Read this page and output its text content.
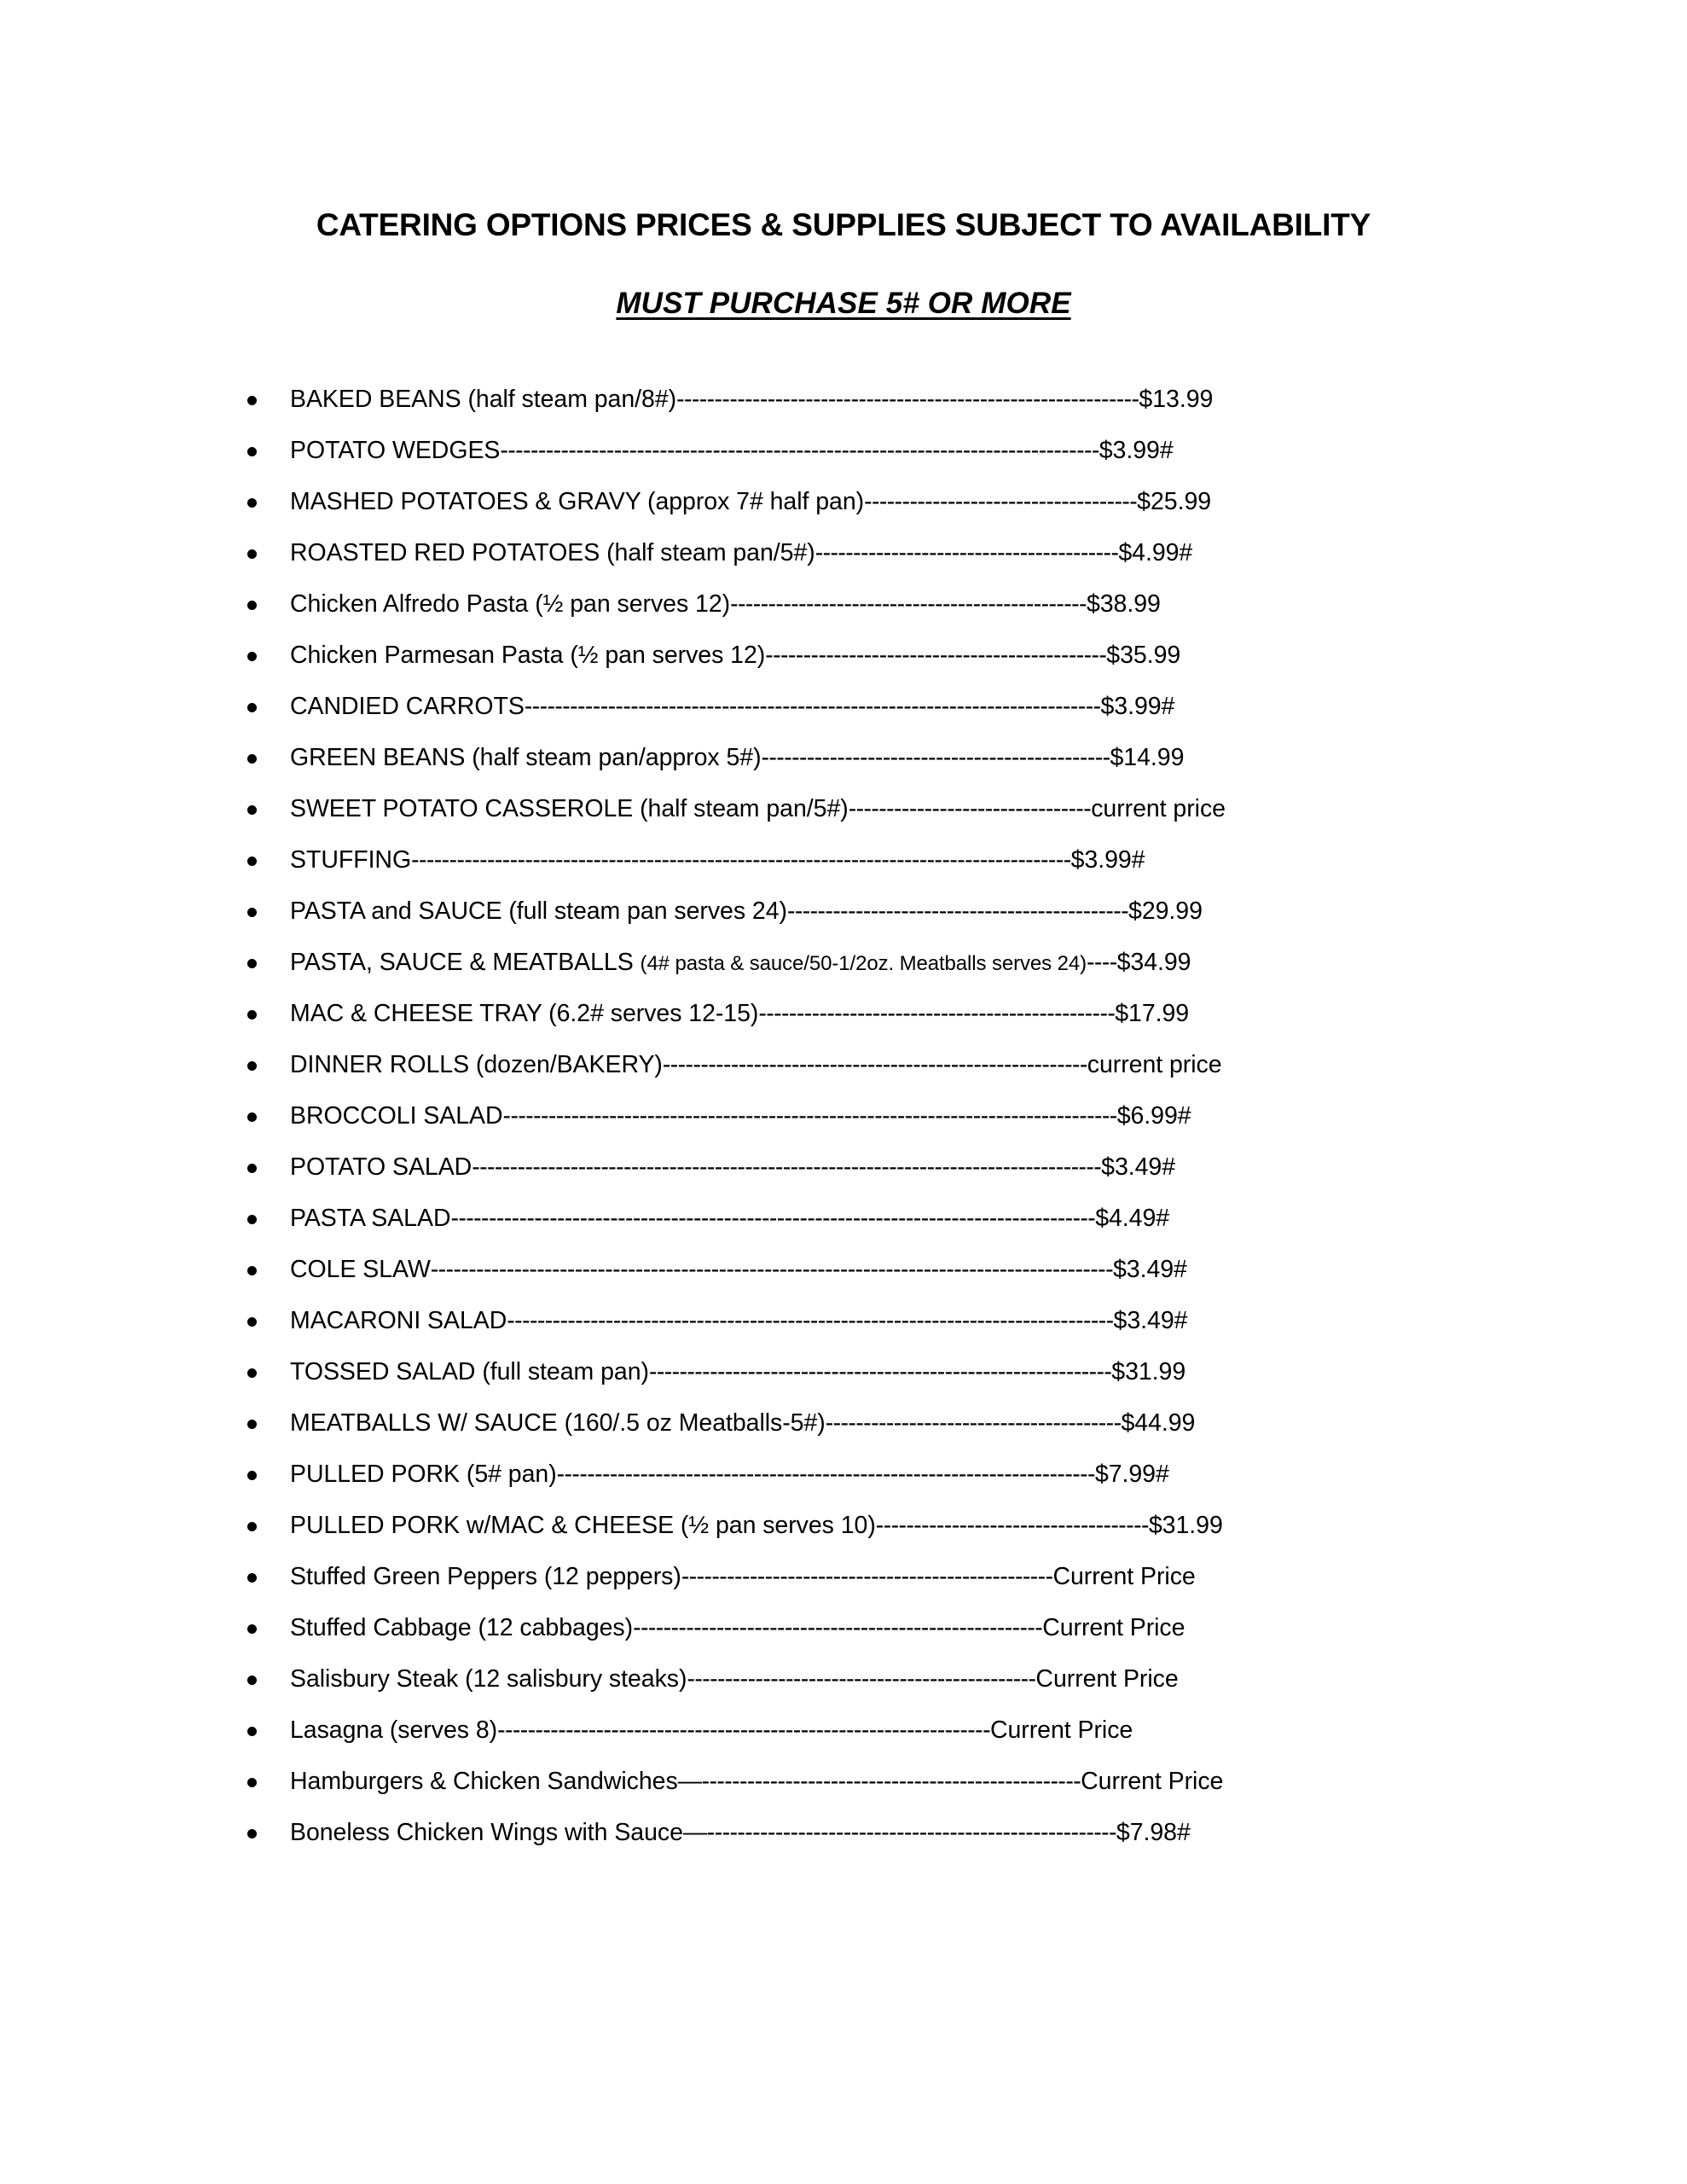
CATERING OPTIONS PRICES & SUPPLIES SUBJECT TO AVAILABILITY
MUST PURCHASE 5# OR MORE
BAKED BEANS (half steam pan/8#)-------------------------------------------------------------$13.99
POTATO WEDGES-------------------------------------------------------------------------------$3.99#
MASHED POTATOES & GRAVY (approx 7# half pan)------------------------------------$25.99
ROASTED RED POTATOES (half steam pan/5#)----------------------------------------$4.99#
Chicken Alfredo Pasta (½ pan serves 12)-----------------------------------------------$38.99
Chicken Parmesan Pasta (½ pan serves 12)---------------------------------------------$35.99
CANDIED CARROTS----------------------------------------------------------------------------$3.99#
GREEN BEANS (half steam pan/approx 5#)----------------------------------------------$14.99
SWEET POTATO CASSEROLE (half steam pan/5#)--------------------------------current price
STUFFING---------------------------------------------------------------------------------------$3.99#
PASTA and SAUCE (full steam pan serves 24)---------------------------------------------$29.99
PASTA, SAUCE & MEATBALLS (4# pasta & sauce/50-1/2oz. Meatballs serves 24)----$34.99
MAC & CHEESE TRAY (6.2# serves 12-15)-----------------------------------------------$17.99
DINNER ROLLS (dozen/BAKERY)--------------------------------------------------------current price
BROCCOLI SALAD---------------------------------------------------------------------------------$6.99#
POTATO SALAD-----------------------------------------------------------------------------------$3.49#
PASTA SALAD-------------------------------------------------------------------------------------$4.49#
COLE SLAW------------------------------------------------------------------------------------------$3.49#
MACARONI SALAD--------------------------------------------------------------------------------$3.49#
TOSSED SALAD (full steam pan)-------------------------------------------------------------$31.99
MEATBALLS W/ SAUCE (160/.5 oz Meatballs-5#)---------------------------------------$44.99
PULLED PORK (5# pan)-----------------------------------------------------------------------$7.99#
PULLED PORK w/MAC & CHEESE (½ pan serves 10)------------------------------------$31.99
Stuffed Green Peppers (12 peppers)-------------------------------------------------Current Price
Stuffed Cabbage (12 cabbages)------------------------------------------------------Current Price
Salisbury Steak (12 salisbury steaks)----------------------------------------------Current Price
Lasagna (serves 8)-----------------------------------------------------------------Current Price
Hamburgers & Chicken Sandwiches—--------------------------------------------------Current Price
Boneless Chicken Wings with Sauce—------------------------------------------------------$7.98#
